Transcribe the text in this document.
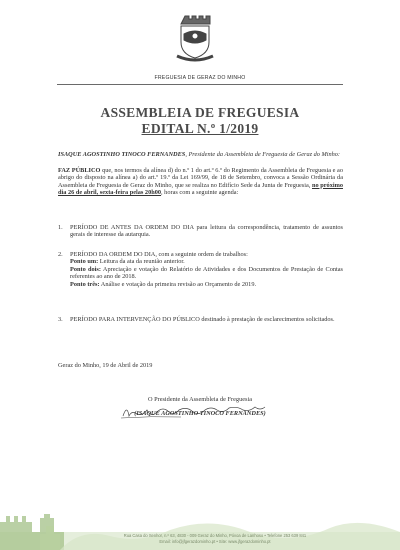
FREGUESIA DE GERAZ DO MINHO
ASSEMBLEIA DE FREGUESIA
EDITAL N.º 1/2019
ISAQUE AGOSTINHO TINOCO FERNANDES, Presidente da Assembleia de Freguesia de Geraz do Minho:
FAZ PÚBLICO que, nos termos da alínea d) do n.º 1 do art.º 6.º do Regimento da Assembleia de Freguesia e ao abrigo do disposto na alínea a) do art.º 19.º da Lei 169/99, de 18 de Setembro, convoca a Sessão Ordinária da Assembleia de Freguesia de Geraz do Minho, que se realiza no Edifício Sede da Junta de Freguesia, no próximo dia 26 de abril, sexta-feira pelas 20h00, horas com a seguinte agenda:
1.	PERÍODO DE ANTES DA ORDEM DO DIA para leitura da correspondência, tratamento de assuntos gerais de interesse da autarquia.
2.	PERÍODO DA ORDEM DO DIA, com a seguinte ordem de trabalhos:
Ponto um: Leitura da ata da reunião anterior.
Ponto dois: Apreciação e votação do Relatório de Atividades e dos Documentos de Prestação de Contas referentes ao ano de 2018.
Ponto três: Análise e votação da primeira revisão ao Orçamento de 2019.
3.	PERÍODO PARA INTERVENÇÃO DO PÚBLICO destinado à prestação de esclarecimentos solicitados.
Geraz do Minho, 19 de Abril de 2019
O Presidente da Assembleia de Freguesia
(ISAQUE AGOSTINHO TINOCO FERNANDES)
Rua Casa do Senhor, n.º 63, 4830 - 009 Geraz do Minho, Póvoa de Lanhoso • Telefone 253 639 841
Email: info@jfgerazdominho.pt • Site: www.jfgerazdominho.pt
